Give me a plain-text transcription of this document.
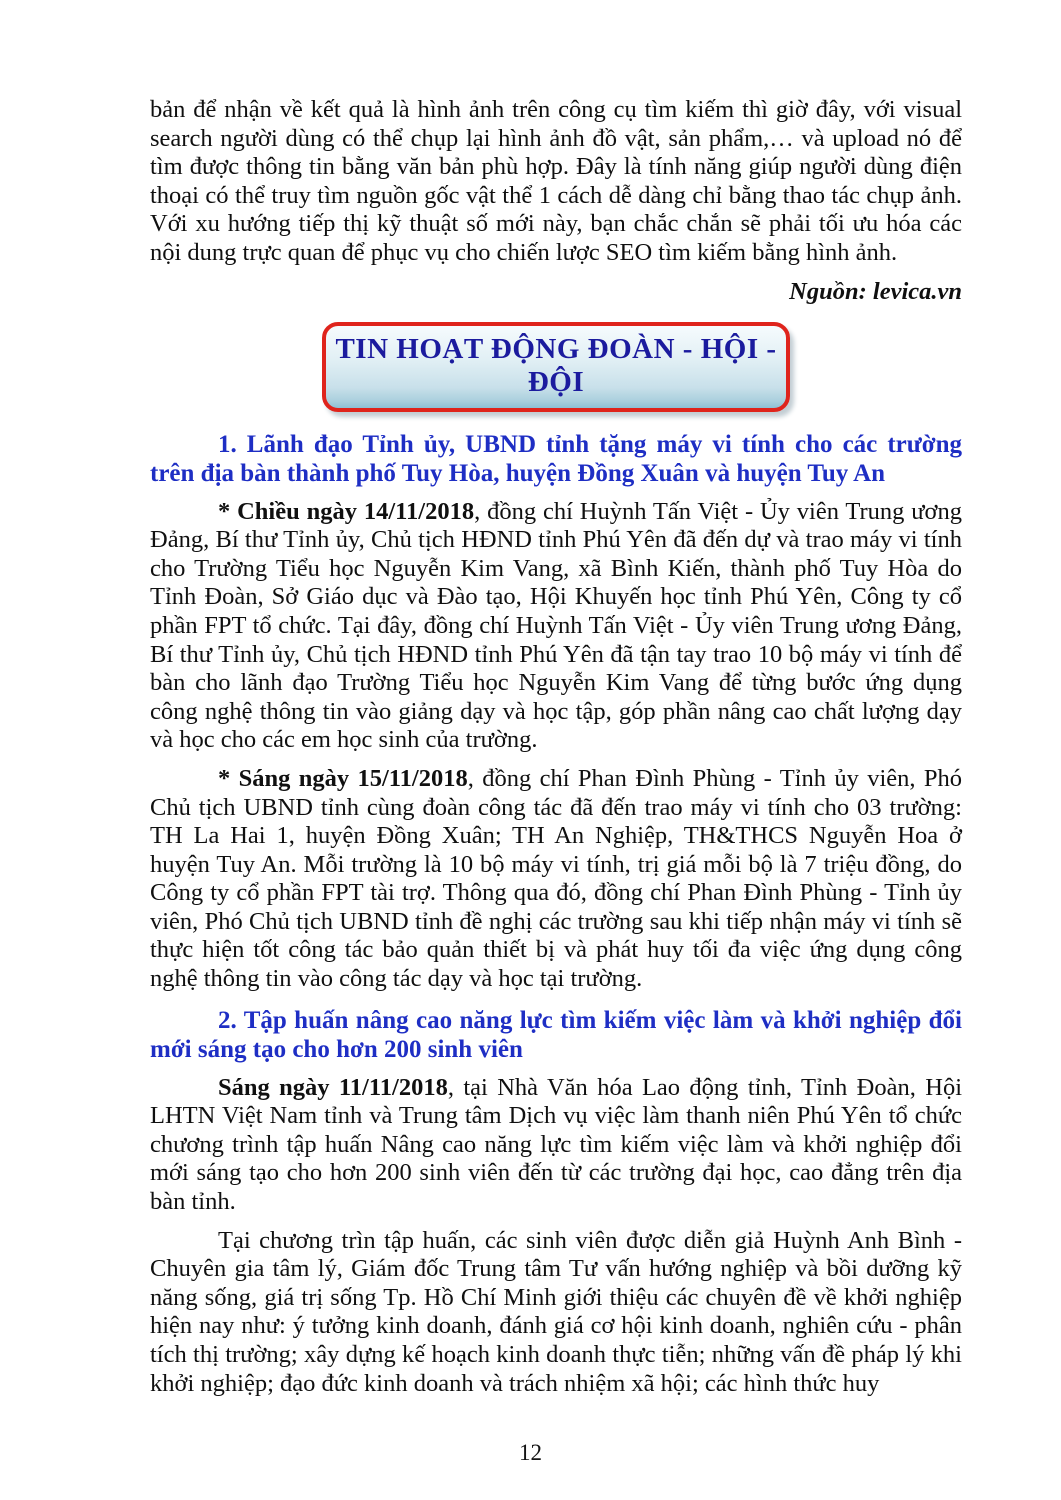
bản để nhận về kết quả là hình ảnh trên công cụ tìm kiếm thì giờ đây, với visual search người dùng có thể chụp lại hình ảnh đồ vật, sản phẩm,… và upload nó để tìm được thông tin bằng văn bản phù hợp. Đây là tính năng giúp người dùng điện thoại có thể truy tìm nguồn gốc vật thể 1 cách dễ dàng chỉ bằng thao tác chụp ảnh. Với xu hướng tiếp thị kỹ thuật số mới này, bạn chắc chắn sẽ phải tối ưu hóa các nội dung trực quan để phục vụ cho chiến lược SEO tìm kiếm bằng hình ảnh.

Nguồn: levica.vn

TIN HOẠT ĐỘNG ĐOÀN - HỘI - ĐỘI
1. Lãnh đạo Tỉnh ủy, UBND tỉnh tặng máy vi tính cho các trường trên địa bàn thành phố Tuy Hòa, huyện Đồng Xuân và huyện Tuy An

* Chiều ngày 14/11/2018, đồng chí Huỳnh Tấn Việt - Ủy viên Trung ương Đảng, Bí thư Tỉnh ủy, Chủ tịch HĐND tỉnh Phú Yên đã đến dự và trao máy vi tính cho Trường Tiểu học Nguyễn Kim Vang, xã Bình Kiến, thành phố Tuy Hòa do Tỉnh Đoàn, Sở Giáo dục và Đào tạo, Hội Khuyến học tỉnh Phú Yên, Công ty cổ phần FPT tổ chức. Tại đây, đồng chí Huỳnh Tấn Việt - Ủy viên Trung ương Đảng, Bí thư Tỉnh ủy, Chủ tịch HĐND tỉnh Phú Yên đã tận tay trao 10 bộ máy vi tính để bàn cho lãnh đạo Trường Tiểu học Nguyễn Kim Vang để từng bước ứng dụng công nghệ thông tin vào giảng dạy và học tập, góp phần nâng cao chất lượng dạy và học cho các em học sinh của trường.

* Sáng ngày 15/11/2018, đồng chí Phan Đình Phùng - Tỉnh ủy viên, Phó Chủ tịch UBND tỉnh cùng đoàn công tác đã đến trao máy vi tính cho 03 trường: TH La Hai 1, huyện Đồng Xuân; TH An Nghiệp, TH&THCS Nguyễn Hoa ở huyện Tuy An. Mỗi trường là 10 bộ máy vi tính, trị giá mỗi bộ là 7 triệu đồng, do Công ty cổ phần FPT tài trợ. Thông qua đó, đồng chí Phan Đình Phùng - Tỉnh ủy viên, Phó Chủ tịch UBND tỉnh đề nghị các trường sau khi tiếp nhận máy vi tính sẽ thực hiện tốt công tác bảo quản thiết bị và phát huy tối đa việc ứng dụng công nghệ thông tin vào công tác dạy và học tại trường.

2. Tập huấn nâng cao năng lực tìm kiếm việc làm và khởi nghiệp đổi mới sáng tạo cho hơn 200 sinh viên

Sáng ngày 11/11/2018, tại Nhà Văn hóa Lao động tỉnh, Tỉnh Đoàn, Hội LHTN Việt Nam tỉnh và Trung tâm Dịch vụ việc làm thanh niên Phú Yên tổ chức chương trình tập huấn Nâng cao năng lực tìm kiếm việc làm và khởi nghiệp đổi mới sáng tạo cho hơn 200 sinh viên đến từ các trường đại học, cao đẳng trên địa bàn tỉnh.

Tại chương trìn tập huấn, các sinh viên được diễn giả Huỳnh Anh Bình - Chuyên gia tâm lý, Giám đốc Trung tâm Tư vấn hướng nghiệp và bồi dưỡng kỹ năng sống, giá trị sống Tp. Hồ Chí Minh giới thiệu các chuyên đề về khởi nghiệp hiện nay như: ý tưởng kinh doanh, đánh giá cơ hội kinh doanh, nghiên cứu - phân tích thị trường; xây dựng kế hoạch kinh doanh thực tiễn; những vấn đề pháp lý khi khởi nghiệp; đạo đức kinh doanh và trách nhiệm xã hội; các hình thức huy

12
